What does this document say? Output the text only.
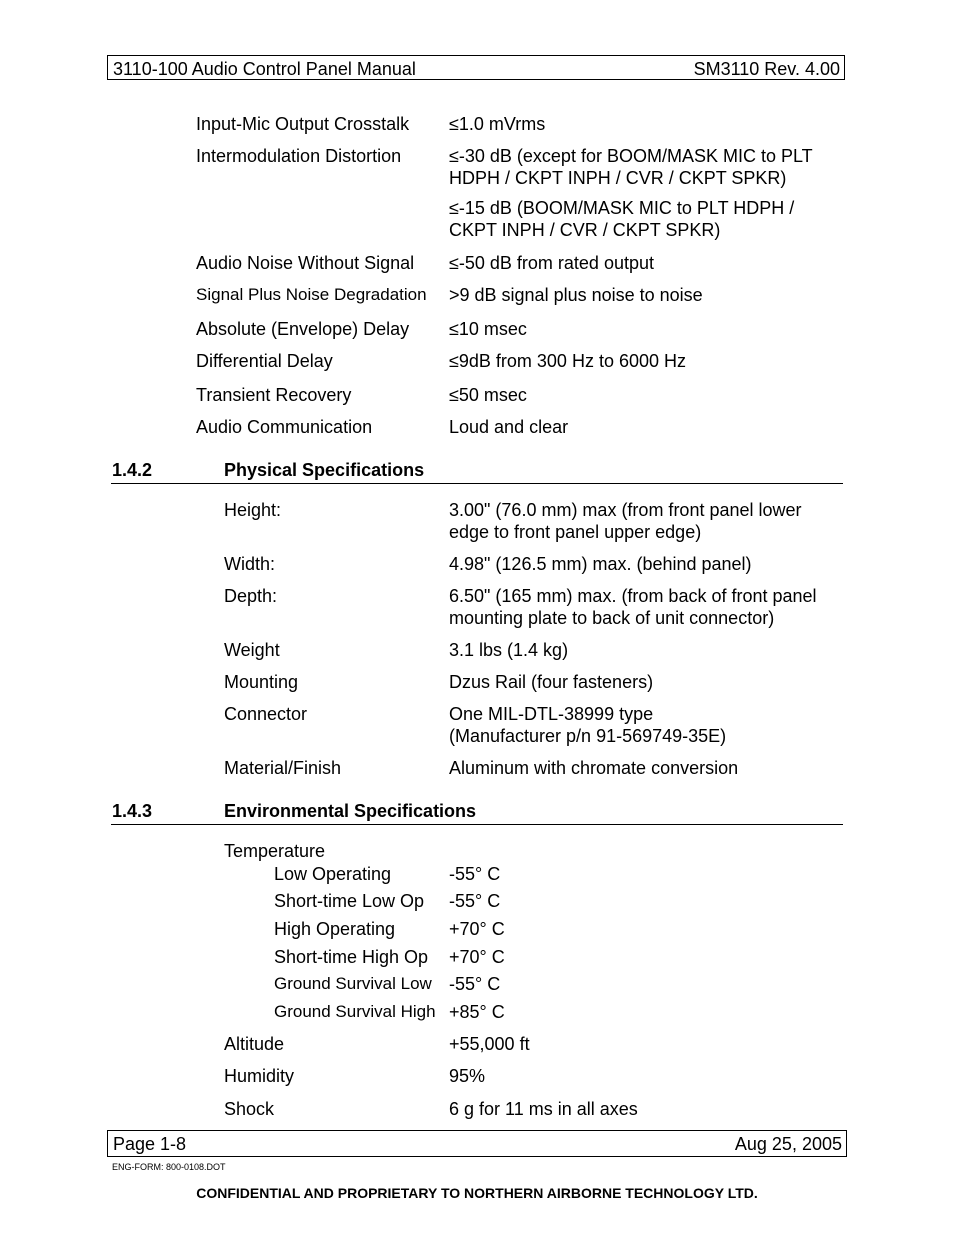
3110-100 Audio Control Panel Manual	SM3110 Rev. 4.00
Input-Mic Output Crosstalk ≤1.0 mVrms
Intermodulation Distortion	≤-30 dB (except for BOOM/MASK MIC to PLT HDPH / CKPT INPH / CVR / CKPT SPKR)
≤-15 dB (BOOM/MASK MIC to PLT HDPH / CKPT INPH / CVR / CKPT SPKR)
Audio Noise Without Signal ≤-50 dB from rated output
Signal Plus Noise Degradation >9 dB signal plus noise to noise
Absolute (Envelope) Delay ≤10 msec
Differential Delay	≤9dB from 300 Hz to 6000 Hz
Transient Recovery	≤50 msec
Audio Communication	Loud and clear
1.4.2	Physical Specifications
Height:	3.00" (76.0 mm) max (from front panel lower edge to front panel upper edge)
Width:	4.98" (126.5 mm) max. (behind panel)
Depth:	6.50" (165 mm) max. (from back of front panel mounting plate to back of unit connector)
Weight	3.1 lbs (1.4 kg)
Mounting	Dzus Rail (four fasteners)
Connector	One MIL-DTL-38999 type
(Manufacturer p/n 91-569749-35E)
Material/Finish	Aluminum with chromate conversion
1.4.3	Environmental Specifications
Temperature
Low Operating	-55° C
Short-time Low Op -55° C
High Operating	+70° C
Short-time High Op +70° C
Ground Survival Low -55° C
Ground Survival High +85° C
Altitude	+55,000 ft
Humidity	95%
Shock	6 g for 11 ms in all axes
Page 1-8	Aug 25, 2005
ENG-FORM: 800-0108.DOT
CONFIDENTIAL AND PROPRIETARY TO NORTHERN AIRBORNE TECHNOLOGY LTD.
